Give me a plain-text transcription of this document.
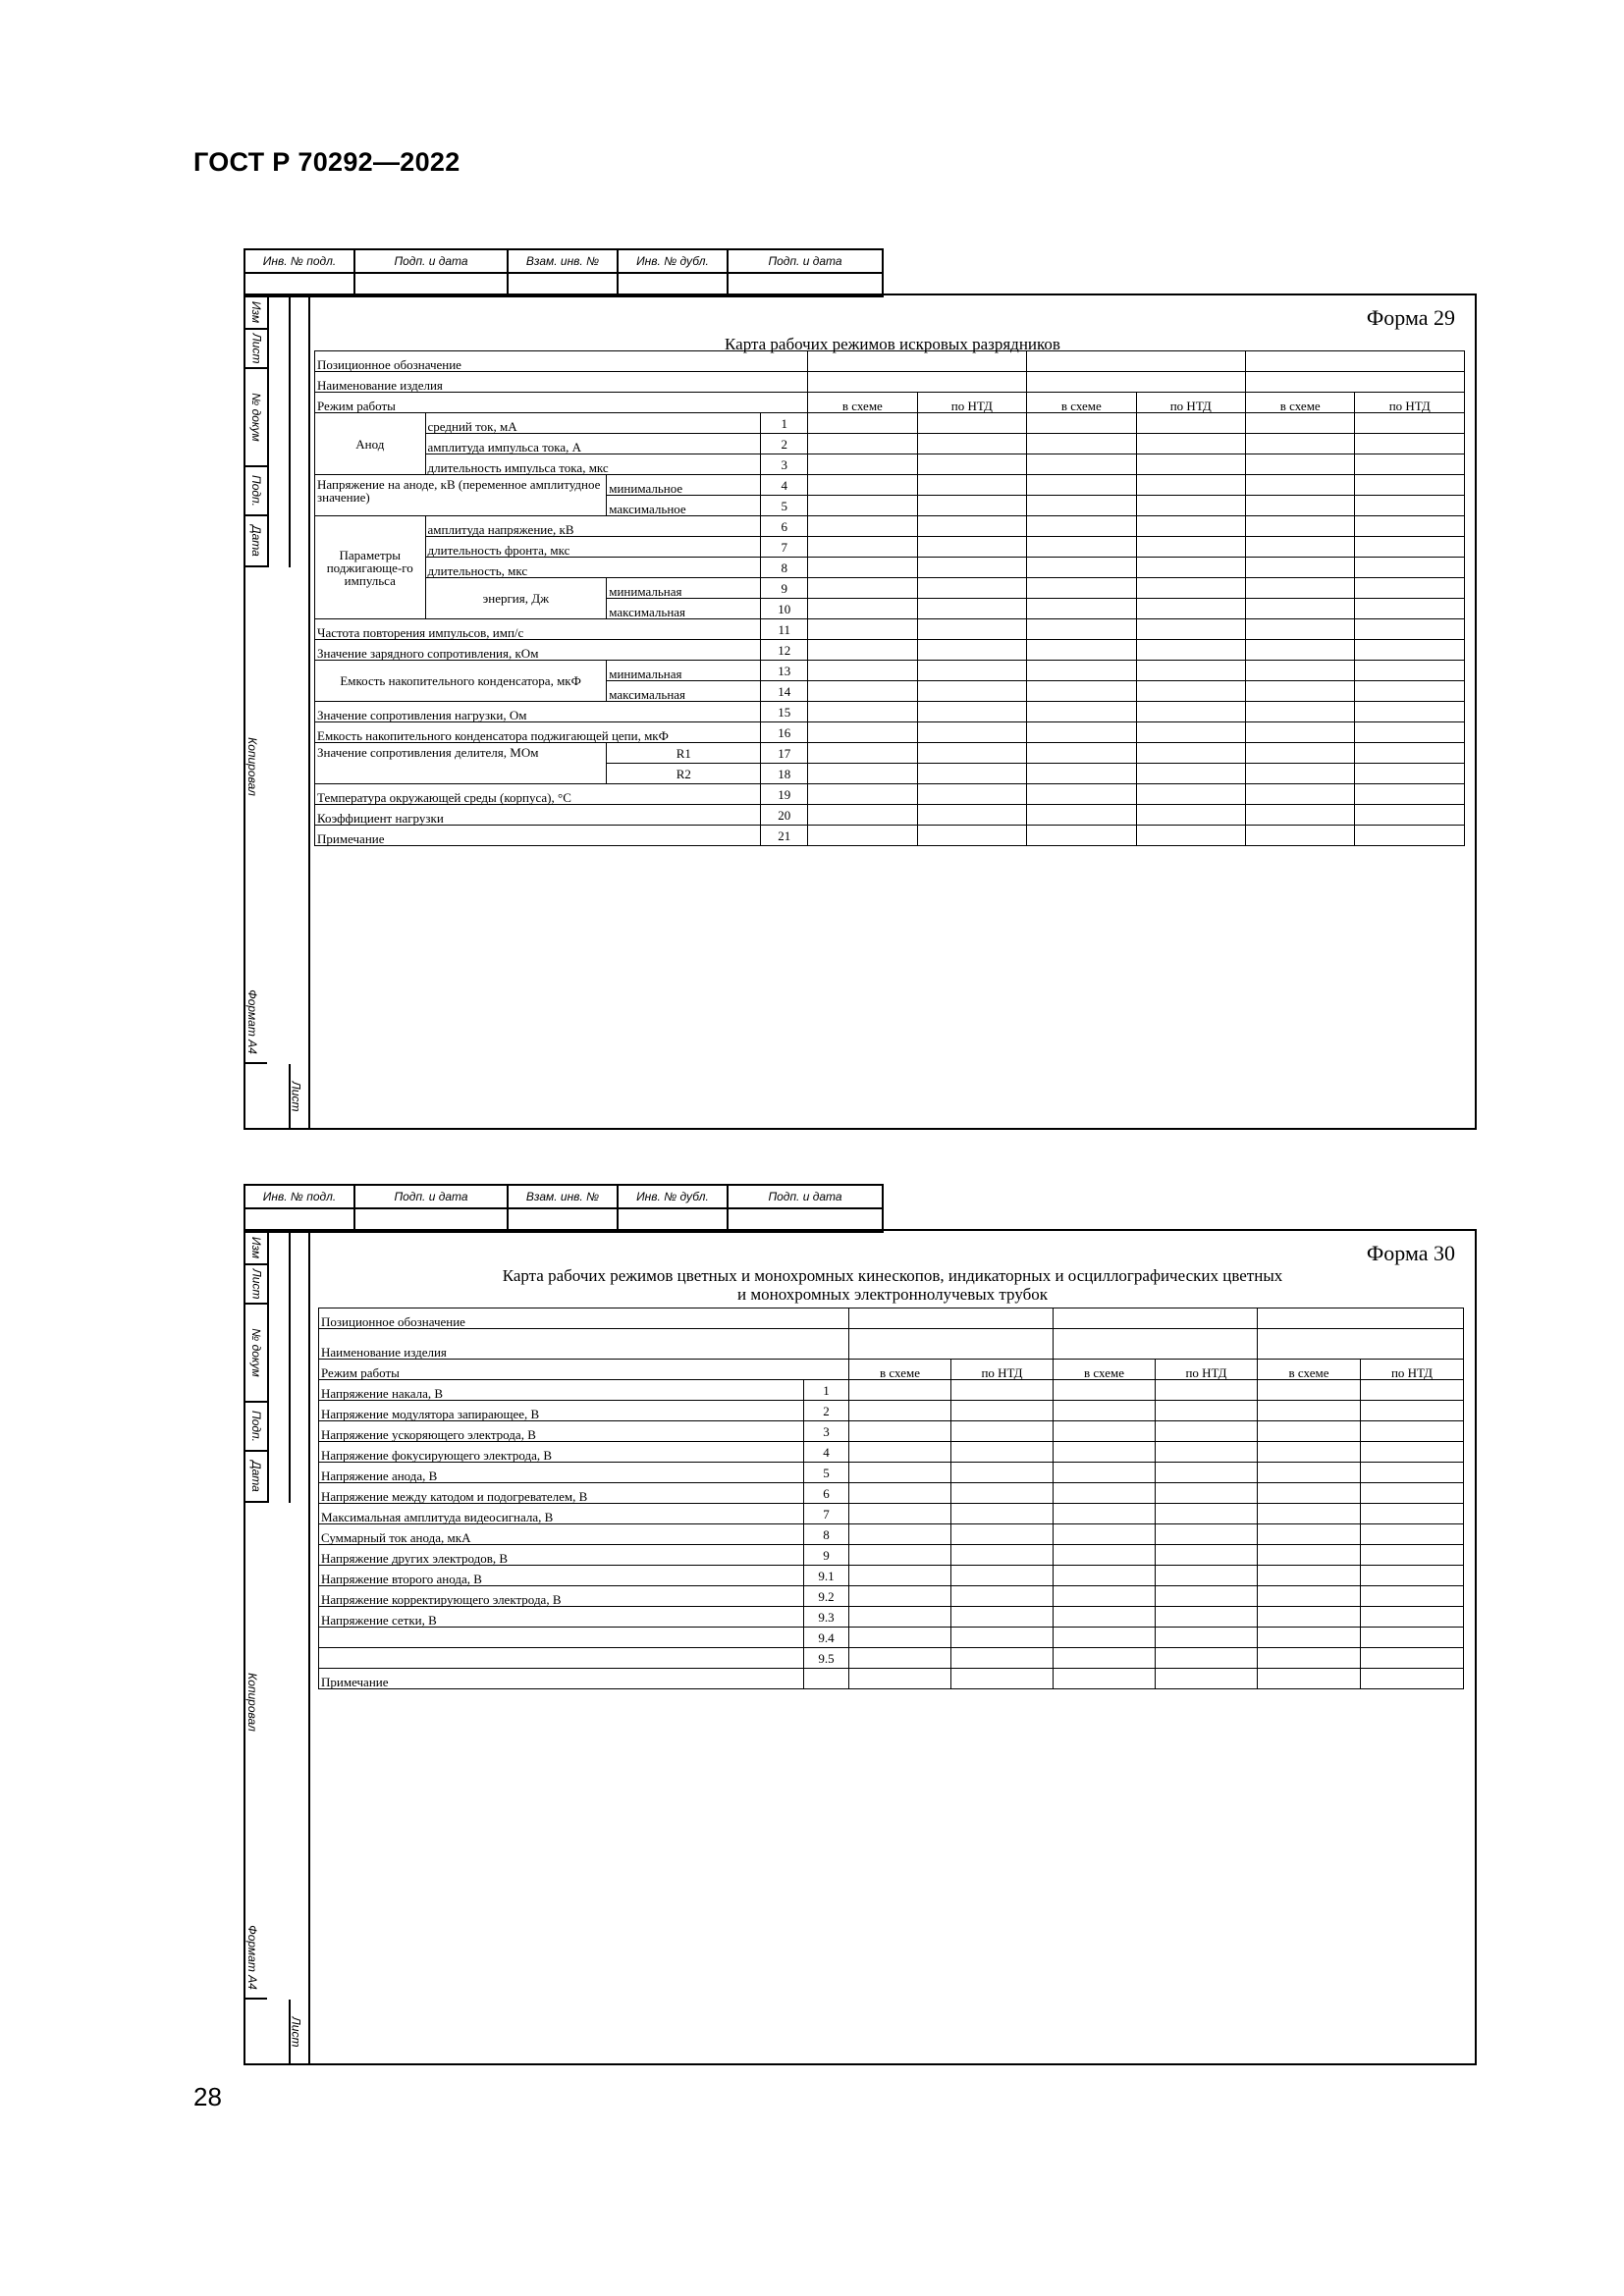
ГОСТ Р 70292—2022
28
Инв. № подл.	Подп. и дата	Взам. инв. №	Инв. № дубл.	Подп. и дата

Изм
Лист
№ докум
Подп.
Дата
Копировал
Формат А4
Лист
Форма 29
Карта рабочих режимов искровых разрядников
Позиционное обозначение									
Наименование изделия									
Режим работы				в схеме	по НТД	в схеме	по НТД	в схеме	по НТД
Анод	средний ток, мА		1						
	амплитуда импульса тока, А		2						
	длительность импульса тока, мкс		3						
Напряжение на аноде, кВ (переменное амплитудное значение)		минимальное	4						
		максимальное	5						
Параметры поджигающе-го импульса	амплитуда напряжение, кВ		6						
	длительность фронта, мкс		7						
	длительность, мкс		8						
	энергия, Дж	минимальная	9						
		максимальная	10						
Частота повторения импульсов, имп/с			11						
Значение зарядного сопротивления, кОм			12						
Емкость накопительного конденсатора, мкФ		минимальная	13						
		максимальная	14						
Значение сопротивления нагрузки, Ом			15						
Емкость накопительного конденсатора поджигающей цепи, мкФ			16						
Значение сопротивления делителя, МОм		R1	17						
		R2	18						
Температура окружающей среды (корпуса), °С			19						
Коэффициент нагрузки			20						
Примечание			21						
Инв. № подл.	Подп. и дата	Взам. инв. №	Инв. № дубл.	Подп. и дата

Изм
Лист
№ докум
Подп.
Дата
Копировал
Формат А4
Лист
Форма 30
Карта рабочих режимов цветных и монохромных кинескопов, индикаторных и осциллографических цветных
и монохромных электроннолучевых трубок
Позиционное обозначение							
Наименование изделия							
Режим работы		в схеме	по НТД	в схеме	по НТД	в схеме	по НТД
Напряжение накала, В	1						
Напряжение модулятора запирающее, В	2						
Напряжение ускоряющего электрода, В	3						
Напряжение фокусирующего электрода, В	4						
Напряжение анода, В	5						
Напряжение между катодом и подогревателем, В	6						
Максимальная амплитуда видеосигнала, В	7						
Суммарный ток анода, мкА	8						
Напряжение других электродов, В	9						
Напряжение второго анода, В	9.1						
Напряжение корректирующего электрода, В	9.2						
Напряжение сетки, В	9.3						
	9.4						
	9.5						
Примечание							
